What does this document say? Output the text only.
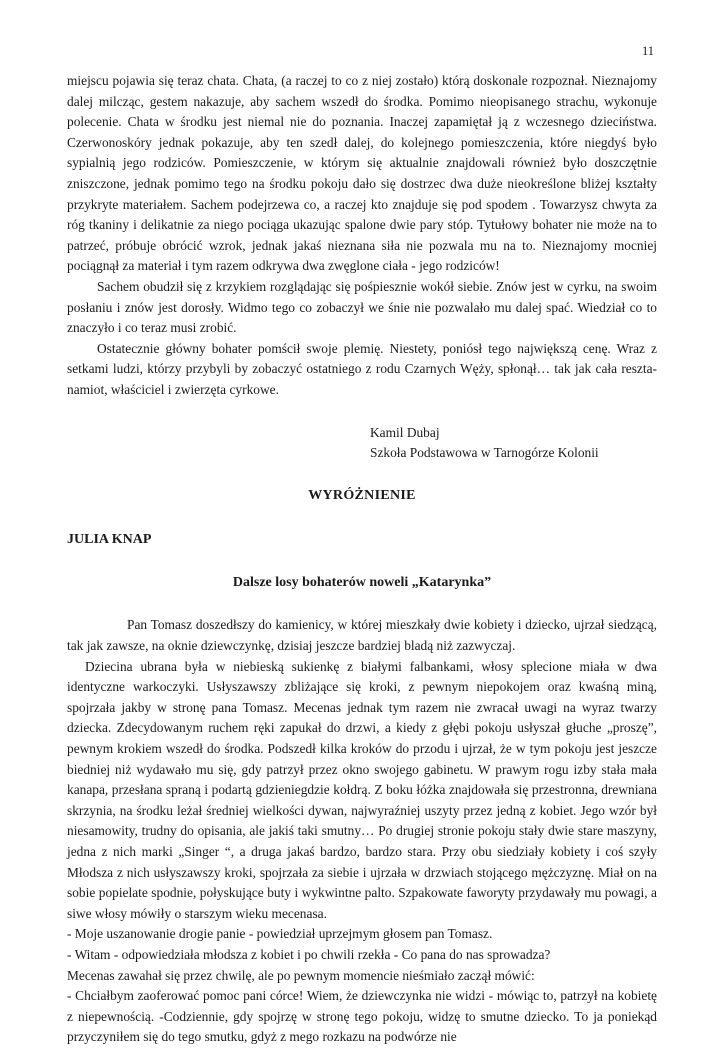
11

miejscu pojawia się teraz chata. Chata, (a raczej to co z niej zostało) którą doskonale rozpoznał. Nieznajomy dalej milcząc, gestem nakazuje, aby sachem wszedł do środka. Pomimo nieopisanego strachu, wykonuje polecenie. Chata w środku jest niemal nie do poznania. Inaczej zapamiętał ją z wczesnego dzieciństwa. Czerwonoskóry jednak pokazuje, aby ten szedł dalej, do kolejnego pomieszczenia, które niegdyś było sypialnią jego rodziców. Pomieszczenie, w którym się aktualnie znajdowali również było doszczętnie zniszczone, jednak pomimo tego na środku pokoju dało się dostrzec dwa duże nieokreślone bliżej kształty przykryte materiałem. Sachem podejrzewa co, a raczej kto znajduje się pod spodem . Towarzysz chwyta za róg tkaniny i delikatnie za niego pociąga ukazując spalone dwie pary stóp. Tytułowy bohater nie może na to patrzeć, próbuje obrócić wzrok, jednak jakaś nieznana siła nie pozwala mu na to. Nieznajomy mocniej pociągnął za materiał i tym razem odkrywa dwa zwęglone ciała - jego rodziców!

Sachem obudził się z krzykiem rozglądając się pośpiesznie wokół siebie. Znów jest w cyrku, na swoim posłaniu i znów jest dorosły. Widmo tego co zobaczył we śnie nie pozwalało mu dalej spać. Wiedział co to znaczyło i co teraz musi zrobić.

Ostatecznie główny bohater pomścił swoje plemię. Niestety, poniósł tego największą cenę. Wraz z setkami ludzi, którzy przybyli by zobaczyć ostatniego z rodu Czarnych Węży, spłonął… tak jak cała reszta- namiot, właściciel i zwierzęta cyrkowe.

Kamil Dubaj
Szkoła Podstawowa w Tarnogórze Kolonii
WYRÓŻNIENIE
JULIA KNAP
Dalsze losy bohaterów noweli „Katarynka”

Pan Tomasz doszedłszy do kamienicy, w której mieszkały dwie kobiety i dziecko, ujrzał siedzącą, tak jak zawsze, na oknie dziewczynkę, dzisiaj jeszcze bardziej bladą niż zazwyczaj.

Dziecina ubrana była w niebieską sukienkę z białymi falbankami, włosy splecione miała w dwa identyczne warkoczyki. Usłyszawszy zbliżające się kroki, z pewnym niepokojem oraz kwaśną miną, spojrzała jakby w stronę pana Tomasz. Mecenas jednak tym razem nie zwracał uwagi na wyraz twarzy dziecka. Zdecydowanym ruchem ręki zapukał do drzwi, a kiedy z głębi pokoju usłyszał głuche „proszę”, pewnym krokiem wszedł do środka. Podszedł kilka kroków do przodu i ujrzał, że w tym pokoju jest jeszcze biedniej niż wydawało mu się, gdy patrzył przez okno swojego gabinetu. W prawym rogu izby stała mała kanapa, przesłana spraną i podartą gdzieniegdzie kołdrą. Z boku łóżka znajdowała się przestronna, drewniana skrzynia, na środku leżał średniej wielkości dywan, najwyraźniej uszyty przez jedną z kobiet. Jego wzór był niesamowity, trudny do opisania, ale jakiś taki smutny… Po drugiej stronie pokoju stały dwie stare maszyny, jedna z nich marki „Singer “, a druga jakaś bardzo, bardzo stara. Przy obu siedziały kobiety i coś szyły Młodsza z nich usłyszawszy kroki, spojrzała za siebie i ujrzała w drzwiach stojącego mężczyznę. Miał on na sobie popielate spodnie, połyskujące buty i wykwintne palto. Szpakowate faworyty przydawały mu powagi, a siwe włosy mówiły o starszym wieku mecenasa.

- Moje uszanowanie drogie panie - powiedział uprzejmym głosem pan Tomasz.

- Witam - odpowiedziała młodsza z kobiet i po chwili rzekła - Co pana do nas sprowadza?

Mecenas zawahał się przez chwilę, ale po pewnym momencie nieśmiało zaczął mówić:

- Chciałbym zaoferować pomoc pani córce! Wiem, że dziewczynka nie widzi - mówiąc to, patrzył na kobietę z niepewnością. -Codziennie, gdy spojrzę w stronę tego pokoju, widzę to smutne dziecko. To ja poniekąd przyczyniłem się do tego smutku, gdyż z mego rozkazu na podwórze nie
